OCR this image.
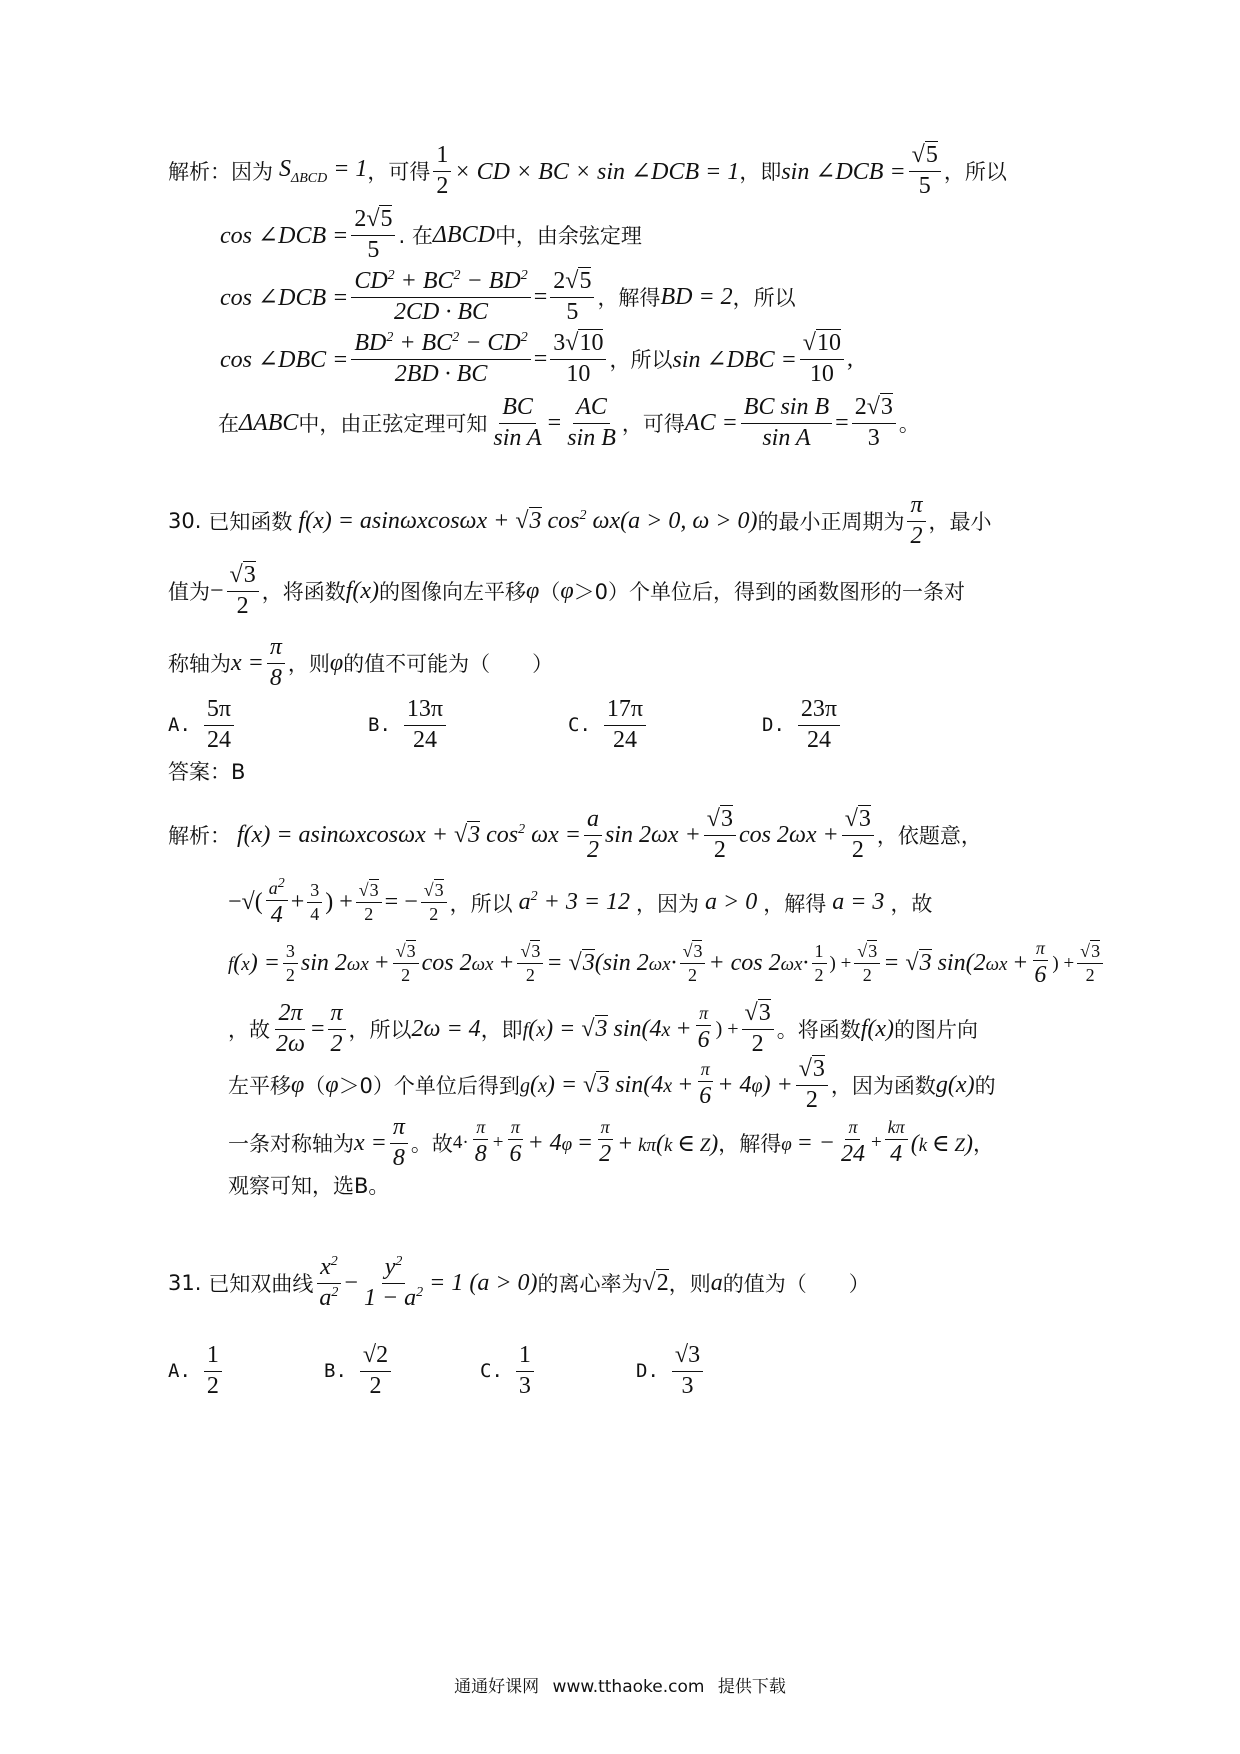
解析： 因为 $S_{\Delta BCD} = 1$ ，可得 $\frac{1}{2}$ × CD × BC × sin ∠DCB = 1 ，即 sin ∠DCB = $\frac{√5}{5}$ ，所以
cos ∠DCB = $\frac{2√5}{5}$ . 在 ΔBCD 中，由余弦定理
cos ∠DCB = $\frac{CD^2 + BC^2 - BD^2}{2CD \cdot BC} = \frac{2√5}{5}$ ，解得 BD = 2 ，所以
cos ∠DBC = $\frac{BD^2 + BC^2 - CD^2}{2BD \cdot BC} = \frac{3√10}{10}$ ，所以 sin ∠DBC = $\frac{√10}{10}$ ,
在 ΔABC 中，由正弦定理可知 $\frac{BC}{\text{sin A}} = \frac{AC}{\text{sin B}}$ ，可得 AC = $\frac{\text{BC sin B}}{\text{sin A}} = \frac{2√3}{3}$ 。
30.
已知函数 f(x) = asinωxcosωx + √3 $\cos^2 \omega x(a > 0$, ω > 0) 的最小正周期为 $\frac{\pi}{2}$ ，最小
值为 − $\frac{√3}{2}$ ，将函数 f(x) 的图像向左平移 φ （ φ ＞0）个单位后，得到的函数图形的一条对
称轴为 $x = \frac{\pi}{8}$ ，则 φ 的值不可能为（　　）
A. $\frac{5\pi}{24}$	B. $\frac{13\pi}{24}$	C. $\frac{17\pi}{24}$	D. $\frac{23\pi}{24}$
答案：B
解析： f(x) = asinωxcosωx + √3 $\cos^2 \omega x = \frac{a}{2}$ $\sin 2\omega x + \frac{√3}{2}$ $\cos 2\omega x + \frac{√3}{2}$ ，依题意，
−√( $\frac{a^2}{4} + \frac{3}{4}$ ) + $\frac{√3}{2}$ = − $\frac{√3}{2}$ ，所以 $a^2 + 3 = 12$ ，因为 a > 0 ，解得 a = 3 ，故
$f(x) = \frac{3}{2}$ $\sin 2\omega x + \frac{√3}{2}$ $\cos 2\omega x + \frac{√3}{2} = √3(\sin$ $2\omega x\cdot \frac{√3}{2} + \cos 2\omega x\cdot \frac{1}{2}$ ) + $\frac{√3}{2} = √3$ $\sin(2\omega x + \frac{\pi}{6}$ ) + $\frac{√3}{2}$
，故 $\frac{2\pi}{2\omega} = \frac{\pi}{2}$ ，所以 2ω = 4 ，即 f(x) = √3 $\sin(4x + \frac{\pi}{6}$ ) + $\frac{√3}{2}$ 。将函数 f(x) 的图片向
左平移 φ （ φ ＞0）个单位后得到 g(x) = √3 $\sin(4x + \frac{\pi}{6} + 4\varphi) + \frac{√3}{2}$ ，因为函数 g(x) 的
一条对称轴为 $x = \frac{\pi}{8}$ 。故 $4\cdot \frac{\pi}{8} + \frac{\pi}{6} + 4\varphi = \frac{\pi}{2} + k\pi(k$ ∈ Z) ，解得 φ = − $\frac{\pi}{24} + \frac{k\pi}{4} (k$ ∈ Z) ，
观察可知，选B。
31.
已知双曲线 $\frac{x^2}{a^2} - \frac{y^2}{1 - a^2} = 1$ (a > 0) 的离心率为 √2 ，则 a 的值为（　　）
A. $\frac{1}{2}$	B. $\frac{√2}{2}$	C. $\frac{1}{3}$	D. $\frac{√3}{3}$
通通好课网 www.tthaoke.com 提供下载
